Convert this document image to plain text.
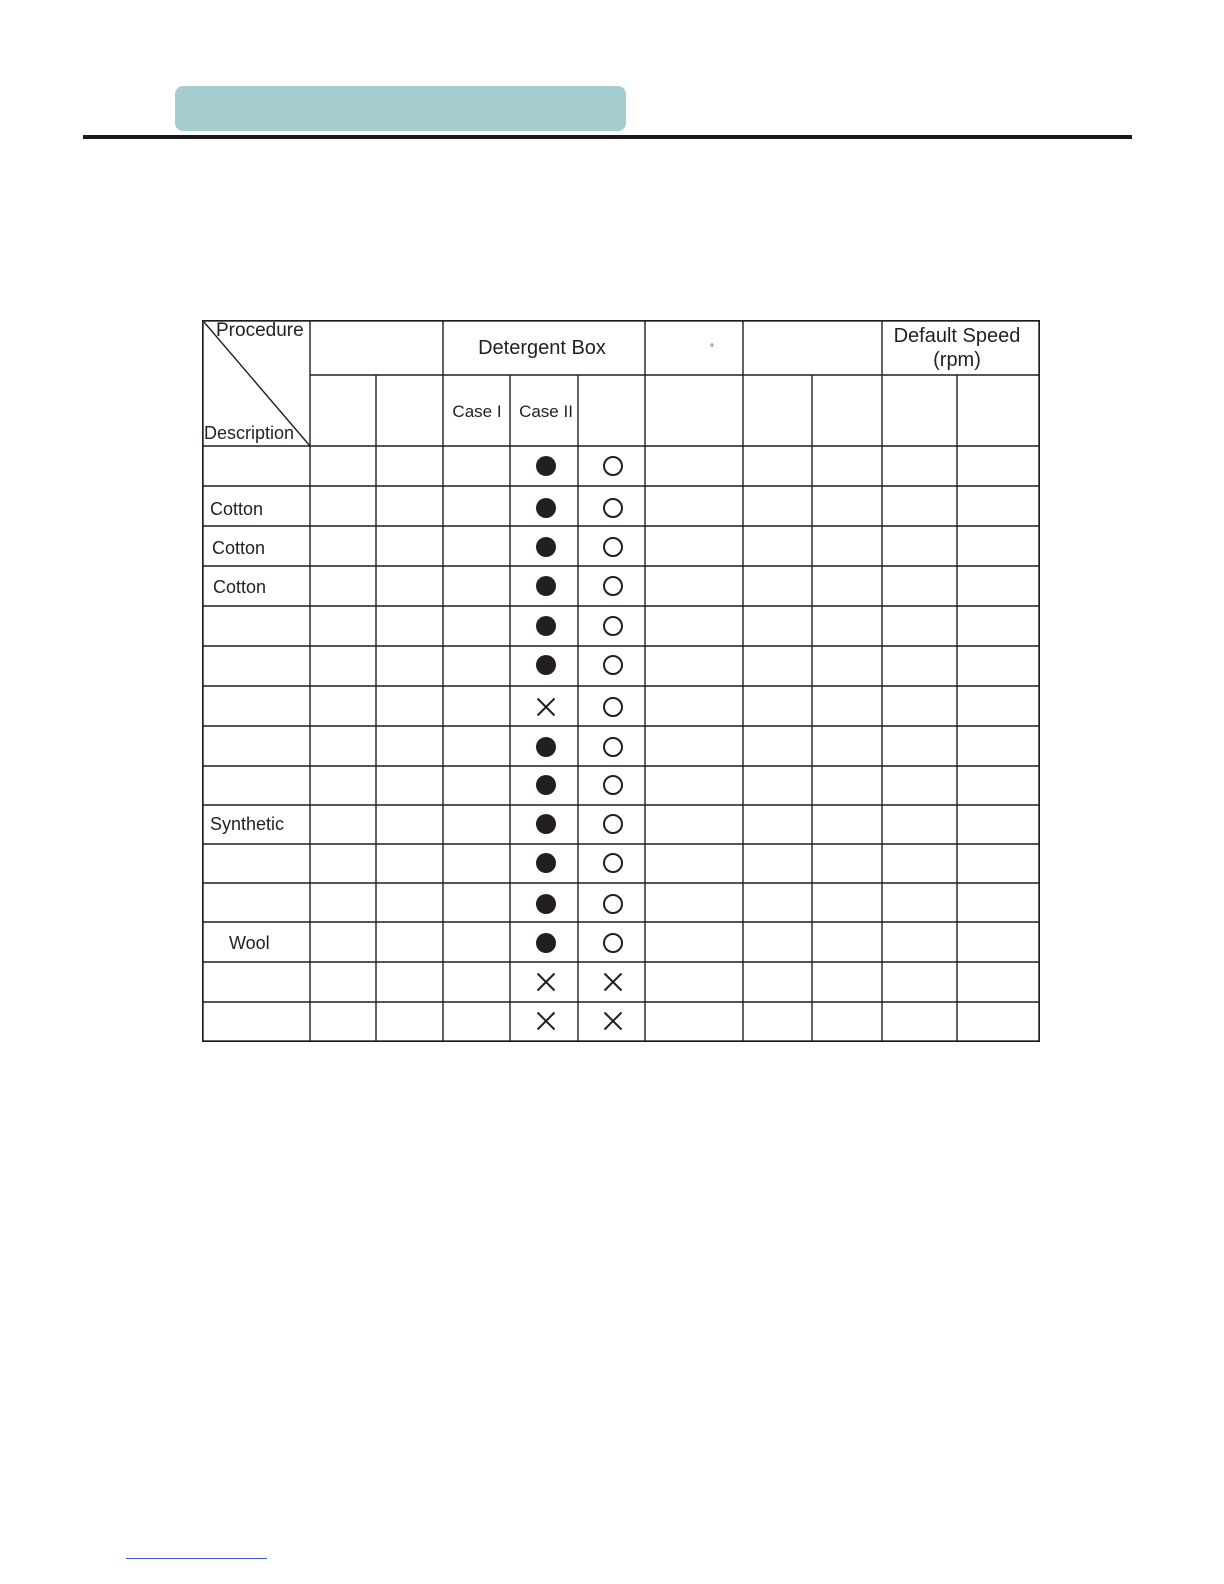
Procedure
Description
Detergent Box	°
Default Speed
(rpm)
Case I Case II
Cotton
Cotton
Cotton
Synthetic
Wool
